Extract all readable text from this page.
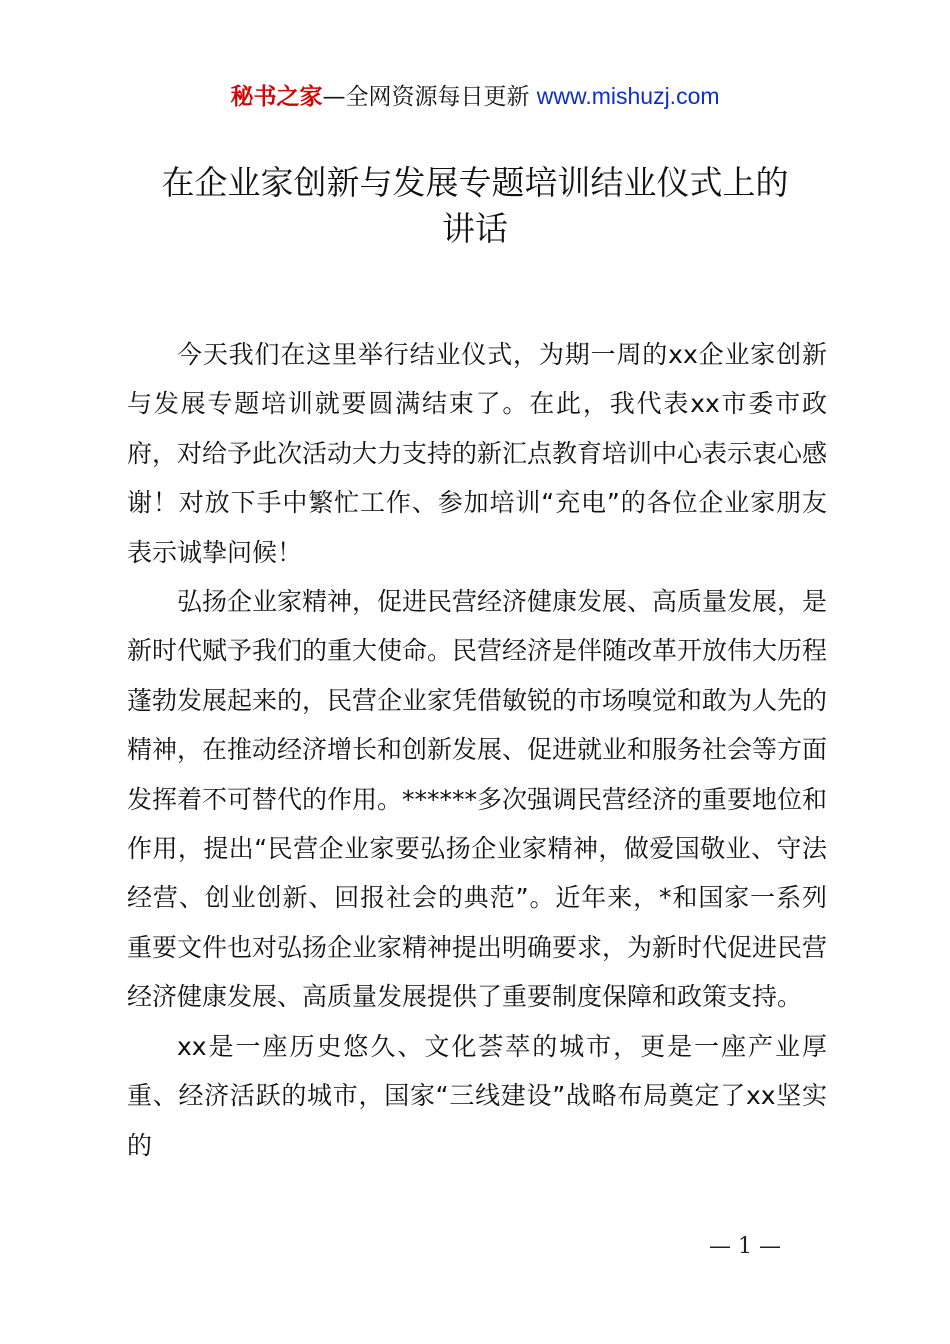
秘书之家—全网资源每日更新 www.mishuzj.com
在企业家创新与发展专题培训结业仪式上的
讲话

今天我们在这里举行结业仪式，为期一周的xx企业家创新与发展专题培训就要圆满结束了。在此，我代表xx市委市政府，对给予此次活动大力支持的新汇点教育培训中心表示衷心感谢！对放下手中繁忙工作、参加培训“充电”的各位企业家朋友表示诚挚问候！

弘扬企业家精神，促进民营经济健康发展、高质量发展，是新时代赋予我们的重大使命。民营经济是伴随改革开放伟大历程蓬勃发展起来的，民营企业家凭借敏锐的市场嗅觉和敢为人先的精神，在推动经济增长和创新发展、促进就业和服务社会等方面发挥着不可替代的作用。******多次强调民营经济的重要地位和作用，提出“民营企业家要弘扬企业家精神，做爱国敬业、守法经营、创业创新、回报社会的典范”。近年来，*和国家一系列重要文件也对弘扬企业家精神提出明确要求，为新时代促进民营经济健康发展、高质量发展提供了重要制度保障和政策支持。

xx是一座历史悠久、文化荟萃的城市，更是一座产业厚重、经济活跃的城市，国家“三线建设”战略布局奠定了xx坚实的

— 1 —
